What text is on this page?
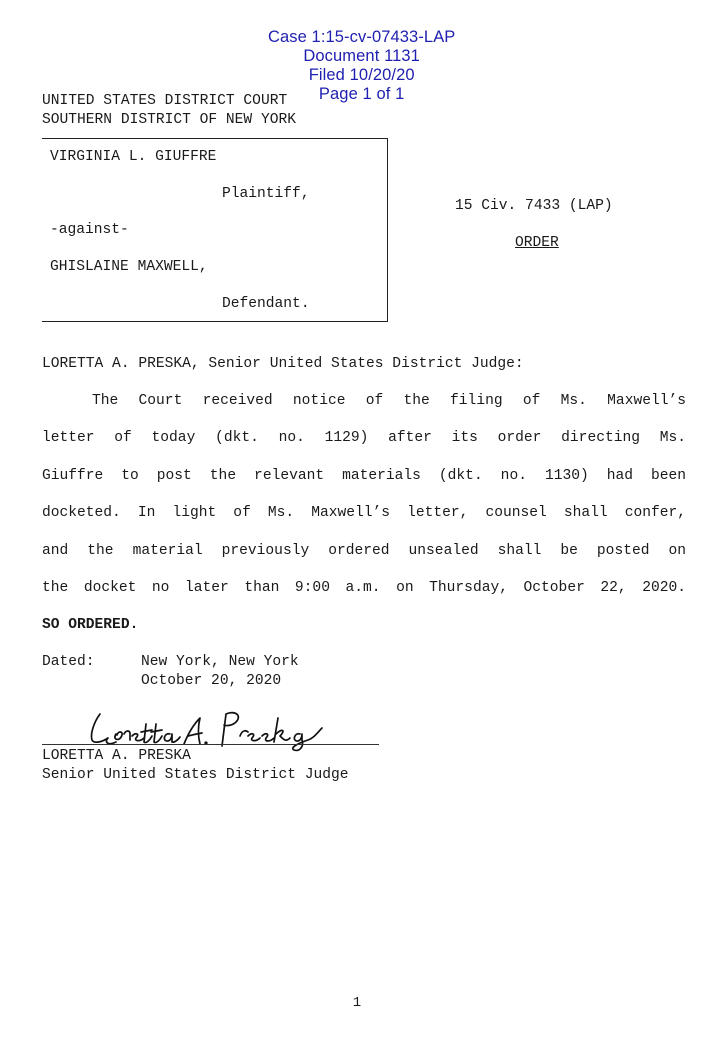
Case 1:15-cv-07433-LAP
Document 1131
Filed 10/20/20
Page 1 of 1

UNITED STATES DISTRICT COURT
SOUTHERN DISTRICT OF NEW YORK
VIRGINIA L. GIUFFRE
Plaintiff,
-against-
GHISLAINE MAXWELL,
Defendant.
15 Civ. 7433 (LAP)
ORDER
LORETTA A. PRESKA, Senior United States District Judge:
The Court received notice of the filing of Ms. Maxwell’s
letter of today (dkt. no. 1129) after its order directing Ms.
Giuffre to post the relevant materials (dkt. no. 1130) had been
docketed. In light of Ms. Maxwell’s letter, counsel shall confer,
and the material previously ordered unsealed shall be posted on
the docket no later than 9:00 a.m. on Thursday, October 22, 2020.
SO ORDERED.
Dated:	New York, New York
October 20, 2020
LORETTA A. PRESKA
Senior United States District Judge
1
